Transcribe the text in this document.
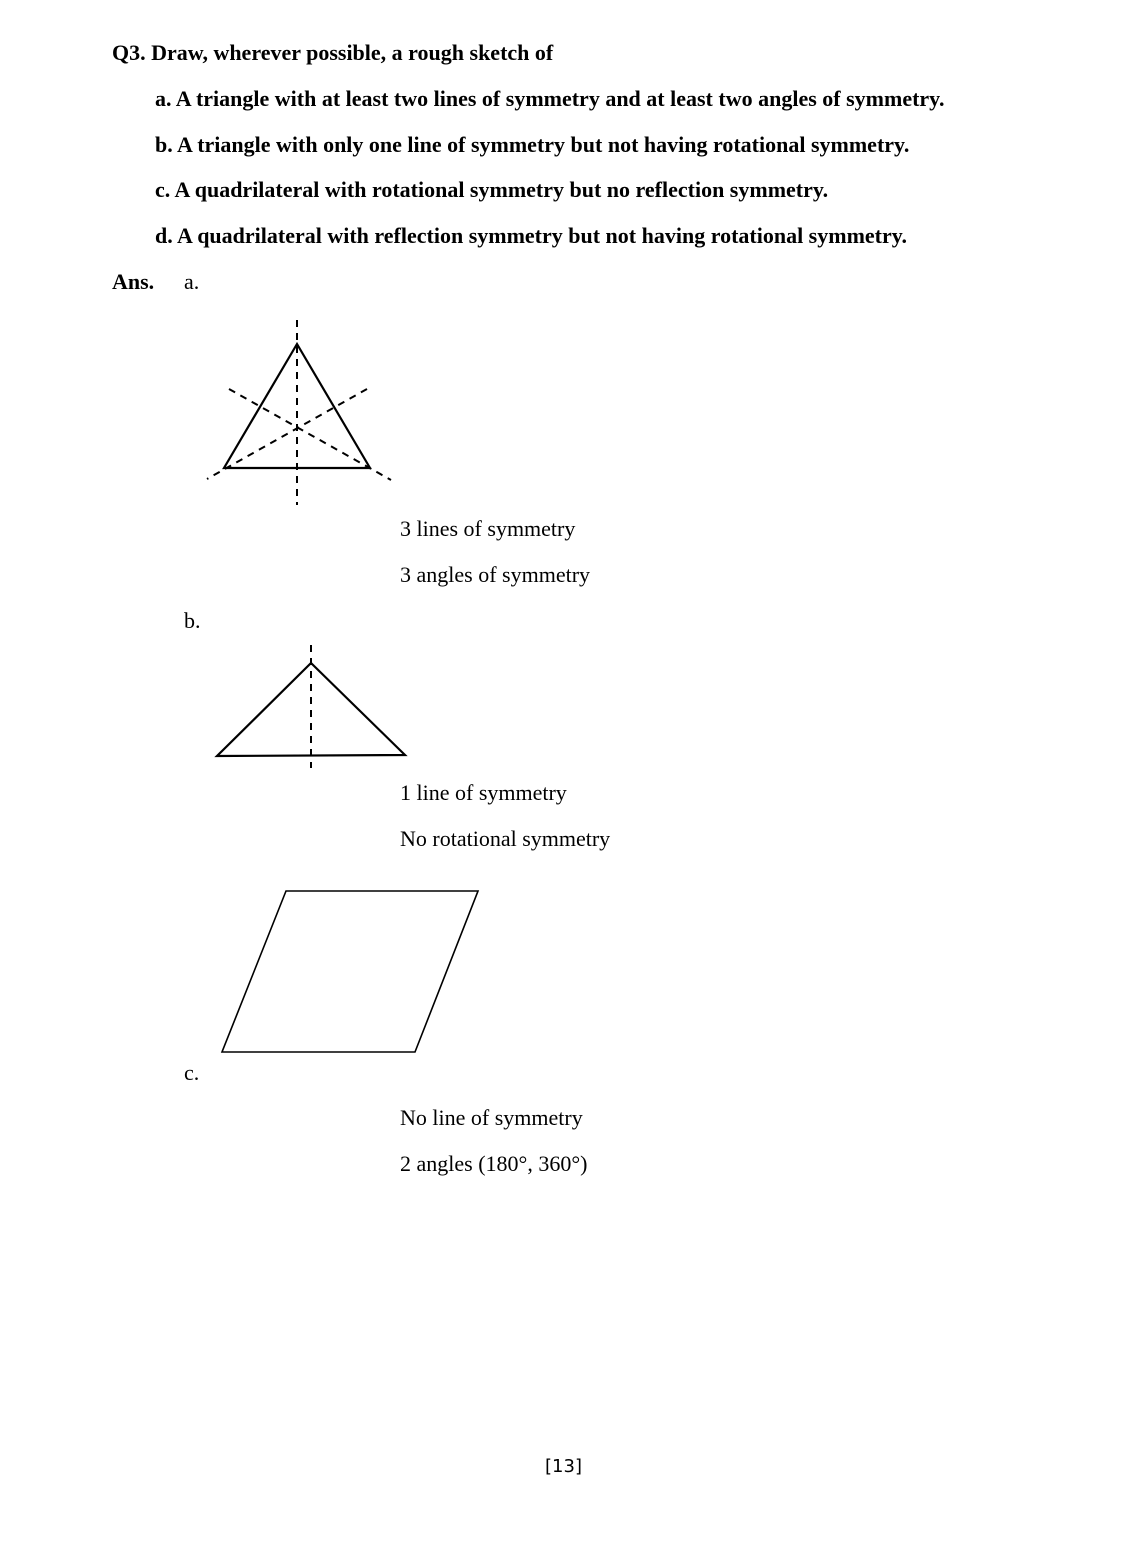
Q3. Draw, wherever possible, a rough sketch of
a. A triangle with at least two lines of symmetry and at least two angles of symmetry.
b. A triangle with only one line of symmetry but not having rotational symmetry.
c. A quadrilateral with rotational symmetry but no reflection symmetry.
d. A quadrilateral with reflection symmetry but not having rotational symmetry.
Ans. a.
3 lines of symmetry
3 angles of symmetry
b.
1 line of symmetry
No rotational symmetry
c.
No line of symmetry
2 angles (180°, 360°)
[13]
